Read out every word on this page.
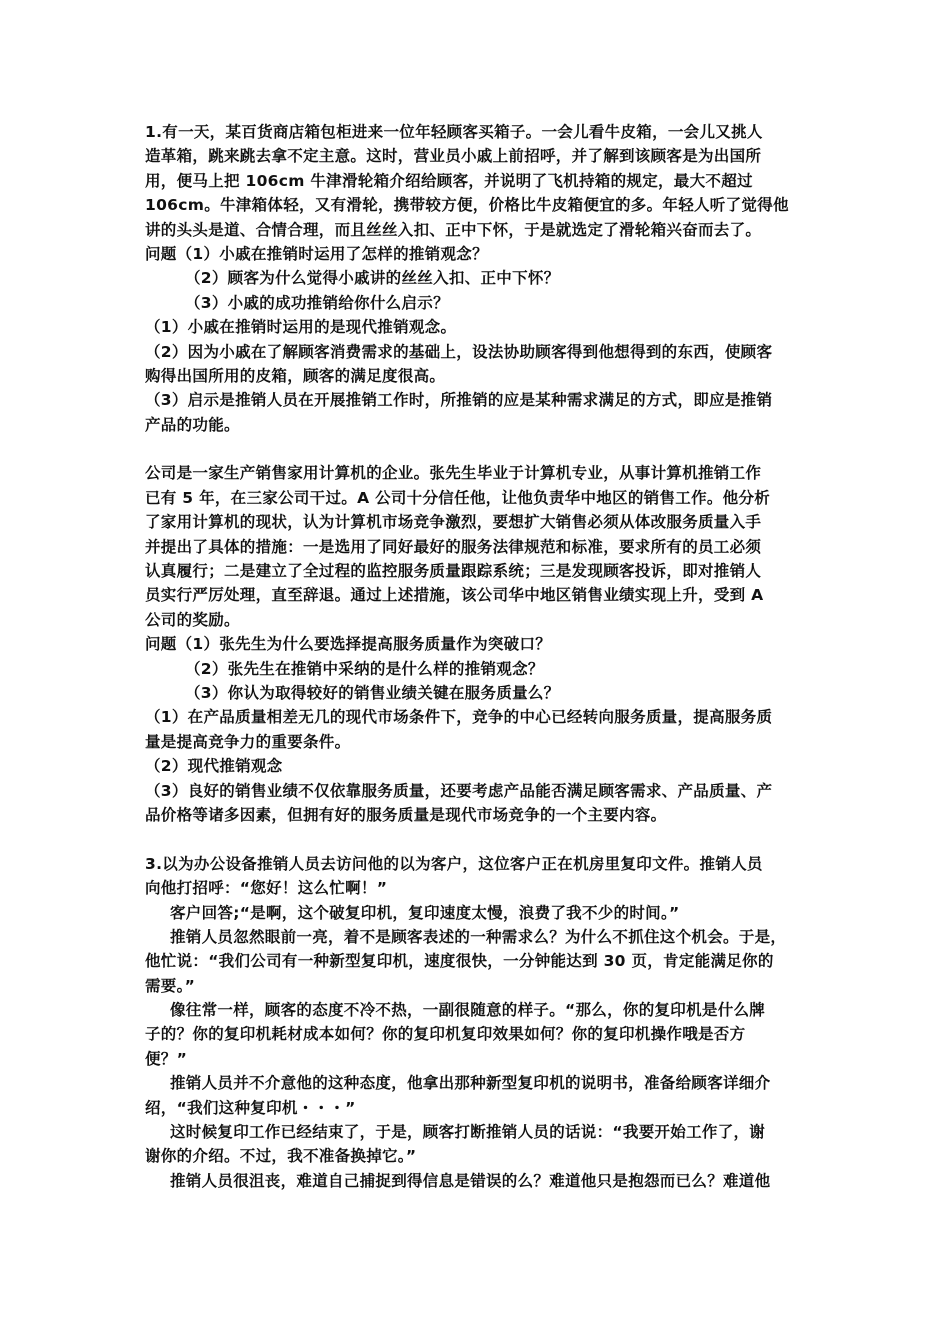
1.有一天，某百货商店箱包柜进来一位年轻顾客买箱子。一会儿看牛皮箱，一会儿又挑人
造革箱，跳来跳去拿不定主意。这时，营业员小戚上前招呼，并了解到该顾客是为出国所
用，便马上把 106cm 牛津滑轮箱介绍给顾客，并说明了飞机持箱的规定，最大不超过
106cm。牛津箱体轻，又有滑轮，携带较方便，价格比牛皮箱便宜的多。年轻人听了觉得他
讲的头头是道、合情合理，而且丝丝入扣、正中下怀，于是就选定了滑轮箱兴奋而去了。
问题（1）小戚在推销时运用了怎样的推销观念？
（2）顾客为什么觉得小戚讲的丝丝入扣、正中下怀？
（3）小戚的成功推销给你什么启示？
（1）小戚在推销时运用的是现代推销观念。
（2）因为小戚在了解顾客消费需求的基础上，设法协助顾客得到他想得到的东西，使顾客
购得出国所用的皮箱，顾客的满足度很高。
（3）启示是推销人员在开展推销工作时，所推销的应是某种需求满足的方式，即应是推销
产品的功能。
公司是一家生产销售家用计算机的企业。张先生毕业于计算机专业，从事计算机推销工作
已有 5 年，在三家公司干过。A 公司十分信任他，让他负责华中地区的销售工作。他分析
了家用计算机的现状，认为计算机市场竞争激烈，要想扩大销售必须从体改服务质量入手
并提出了具体的措施：一是选用了同好最好的服务法律规范和标准，要求所有的员工必须
认真履行；二是建立了全过程的监控服务质量跟踪系统；三是发现顾客投诉，即对推销人
员实行严厉处理，直至辞退。通过上述措施，该公司华中地区销售业绩实现上升，受到 A
公司的奖励。
问题（1）张先生为什么要选择提高服务质量作为突破口？
（2）张先生在推销中采纳的是什么样的推销观念？
（3）你认为取得较好的销售业绩关键在服务质量么？
（1）在产品质量相差无几的现代市场条件下，竞争的中心已经转向服务质量，提高服务质
量是提高竞争力的重要条件。
（2）现代推销观念
（3）良好的销售业绩不仅依靠服务质量，还要考虑产品能否满足顾客需求、产品质量、产
品价格等诸多因素，但拥有好的服务质量是现代市场竞争的一个主要内容。
3.以为办公设备推销人员去访问他的以为客户，这位客户正在机房里复印文件。推销人员
向他打招呼：“您好！这么忙啊！”
客户回答;“是啊，这个破复印机，复印速度太慢，浪费了我不少的时间。”
推销人员忽然眼前一亮，着不是顾客表述的一种需求么？为什么不抓住这个机会。于是，
他忙说：“我们公司有一种新型复印机，速度很快，一分钟能达到 30 页，肯定能满足你的
需要。”
像往常一样，顾客的态度不冷不热，一副很随意的样子。“那么，你的复印机是什么牌
子的？你的复印机耗材成本如何？你的复印机复印效果如何？你的复印机操作哦是否方
便？”
推销人员并不介意他的这种态度，他拿出那种新型复印机的说明书，准备给顾客详细介
绍，“我们这种复印机・・・”
这时候复印工作已经结束了，于是，顾客打断推销人员的话说：“我要开始工作了，谢
谢你的介绍。不过，我不准备换掉它。”
推销人员很沮丧，难道自己捕捉到得信息是错误的么？难道他只是抱怨而已么？难道他
